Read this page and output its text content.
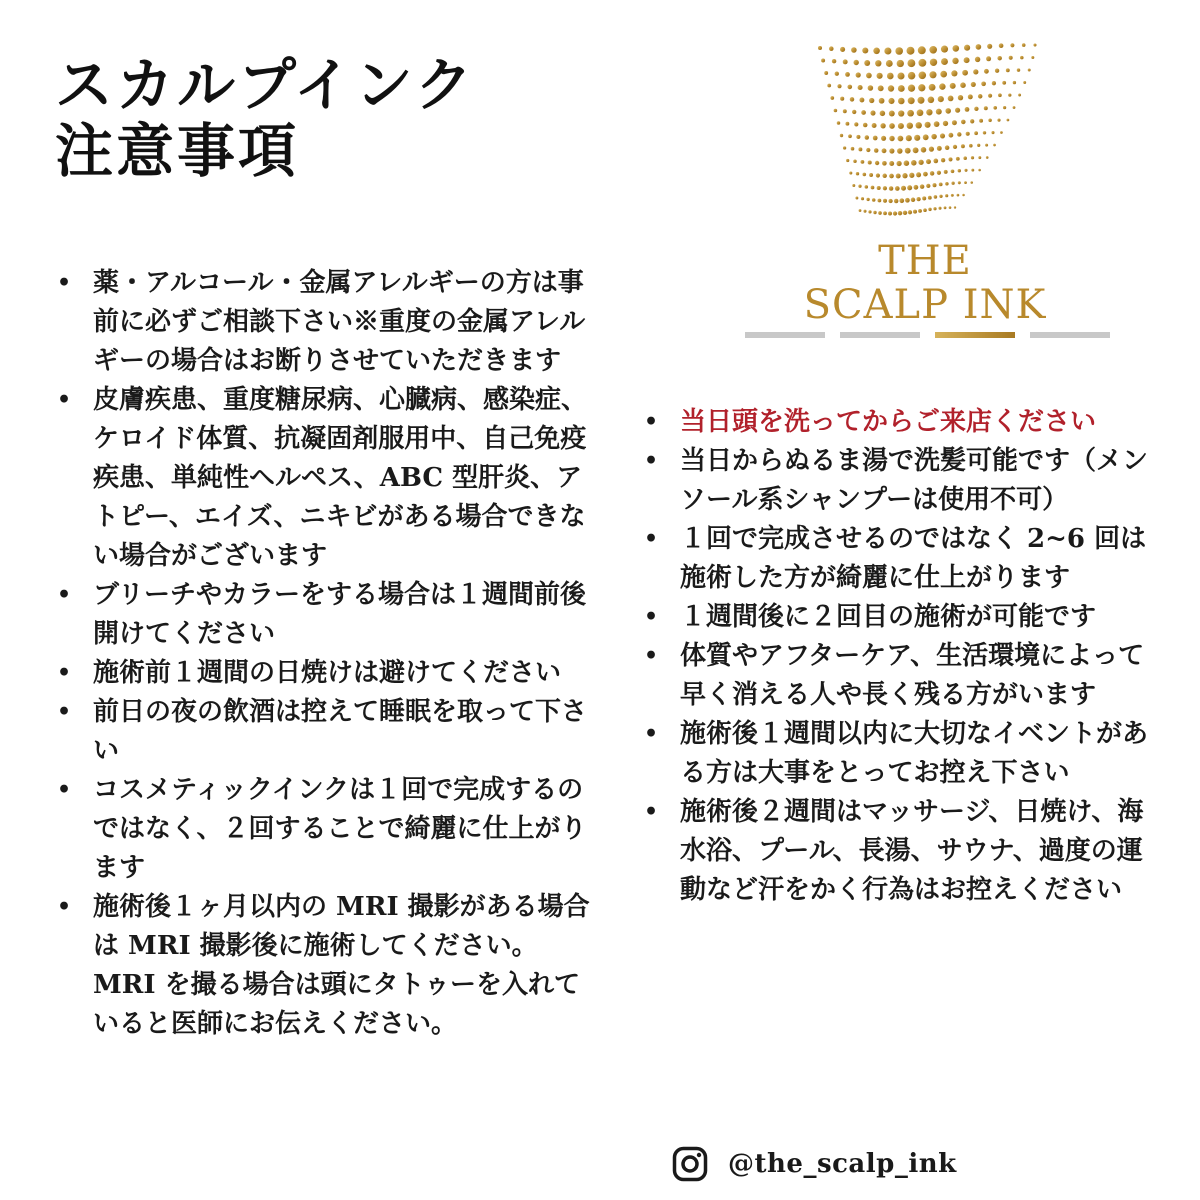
スカルプインク
注意事項
• 薬・アルコール・金属アレルギーの方は事前に必ずご相談下さい※重度の金属アレルギーの場合はお断りさせていただきます
• 皮膚疾患、重度糖尿病、心臓病、感染症、ケロイド体質、抗凝固剤服用中、自己免疫疾患、単純性ヘルペス、ABC 型肝炎、アトピー、エイズ、ニキビがある場合できない場合がございます
• ブリーチやカラーをする場合は１週間前後開けてください
• 施術前１週間の日焼けは避けてください
• 前日の夜の飲酒は控えて睡眠を取って下さい
• コスメティックインクは１回で完成するのではなく、２回することで綺麗に仕上がります
• 施術後１ヶ月以内の MRI 撮影がある場合は MRI 撮影後に施術してください。MRI を撮る場合は頭にタトゥーを入れていると医師にお伝えください。
THE
SCALP INK
• 当日頭を洗ってからご来店ください
• 当日からぬるま湯で洗髪可能です（メンソール系シャンプーは使用不可）
• １回で完成させるのではなく 2~6 回は施術した方が綺麗に仕上がります
• １週間後に２回目の施術が可能です
• 体質やアフターケア、生活環境によって早く消える人や長く残る方がいます
• 施術後１週間以内に大切なイベントがある方は大事をとってお控え下さい
• 施術後２週間はマッサージ、日焼け、海水浴、プール、長湯、サウナ、過度の運動など汗をかく行為はお控えください
@the_scalp_ink
